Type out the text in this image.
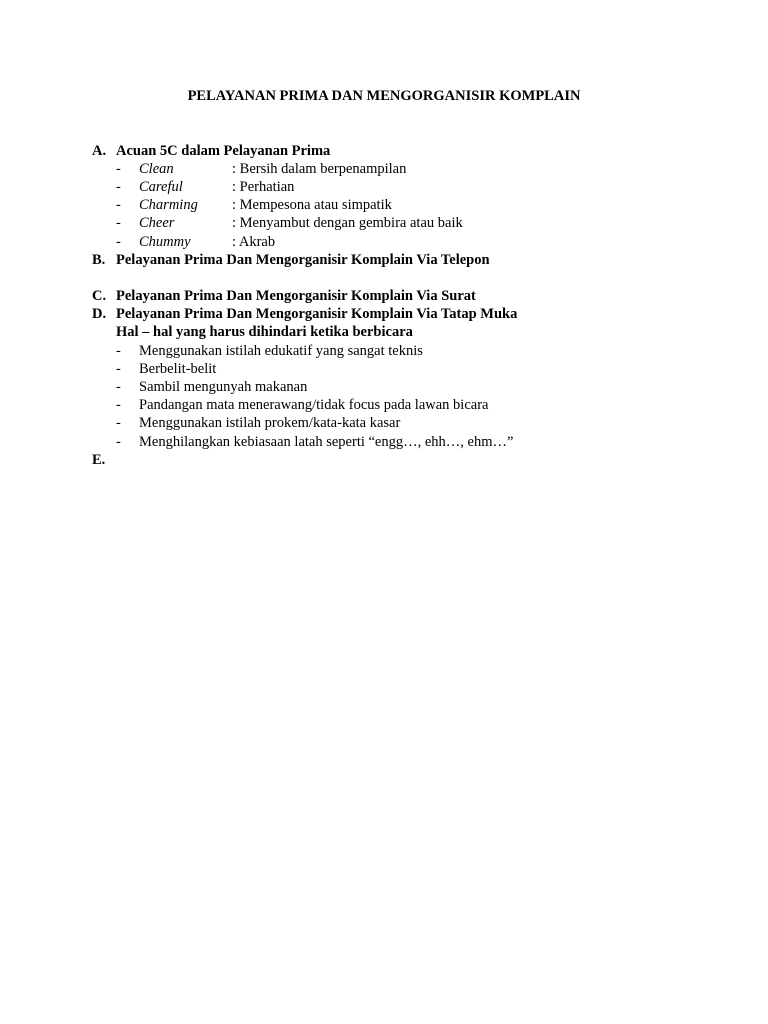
PELAYANAN PRIMA DAN MENGORGANISIR KOMPLAIN
A. Acuan 5C dalam Pelayanan Prima
- Clean	: Bersih dalam berpenampilan
- Careful	: Perhatian
- Charming : Mempesona atau simpatik
- Cheer	: Menyambut dengan gembira atau baik
- Chummy	: Akrab
B. Pelayanan Prima Dan Mengorganisir Komplain Via Telepon
C. Pelayanan Prima Dan Mengorganisir Komplain Via Surat
D. Pelayanan Prima Dan Mengorganisir Komplain Via Tatap Muka
Hal – hal yang harus dihindari ketika berbicara
- Menggunakan istilah edukatif yang sangat teknis
- Berbelit-belit
- Sambil mengunyah makanan
- Pandangan mata menerawang/tidak focus pada lawan bicara
- Menggunakan istilah prokem/kata-kata kasar
- Menghilangkan kebiasaan latah seperti “engg…, ehh…, ehm…”
E.
